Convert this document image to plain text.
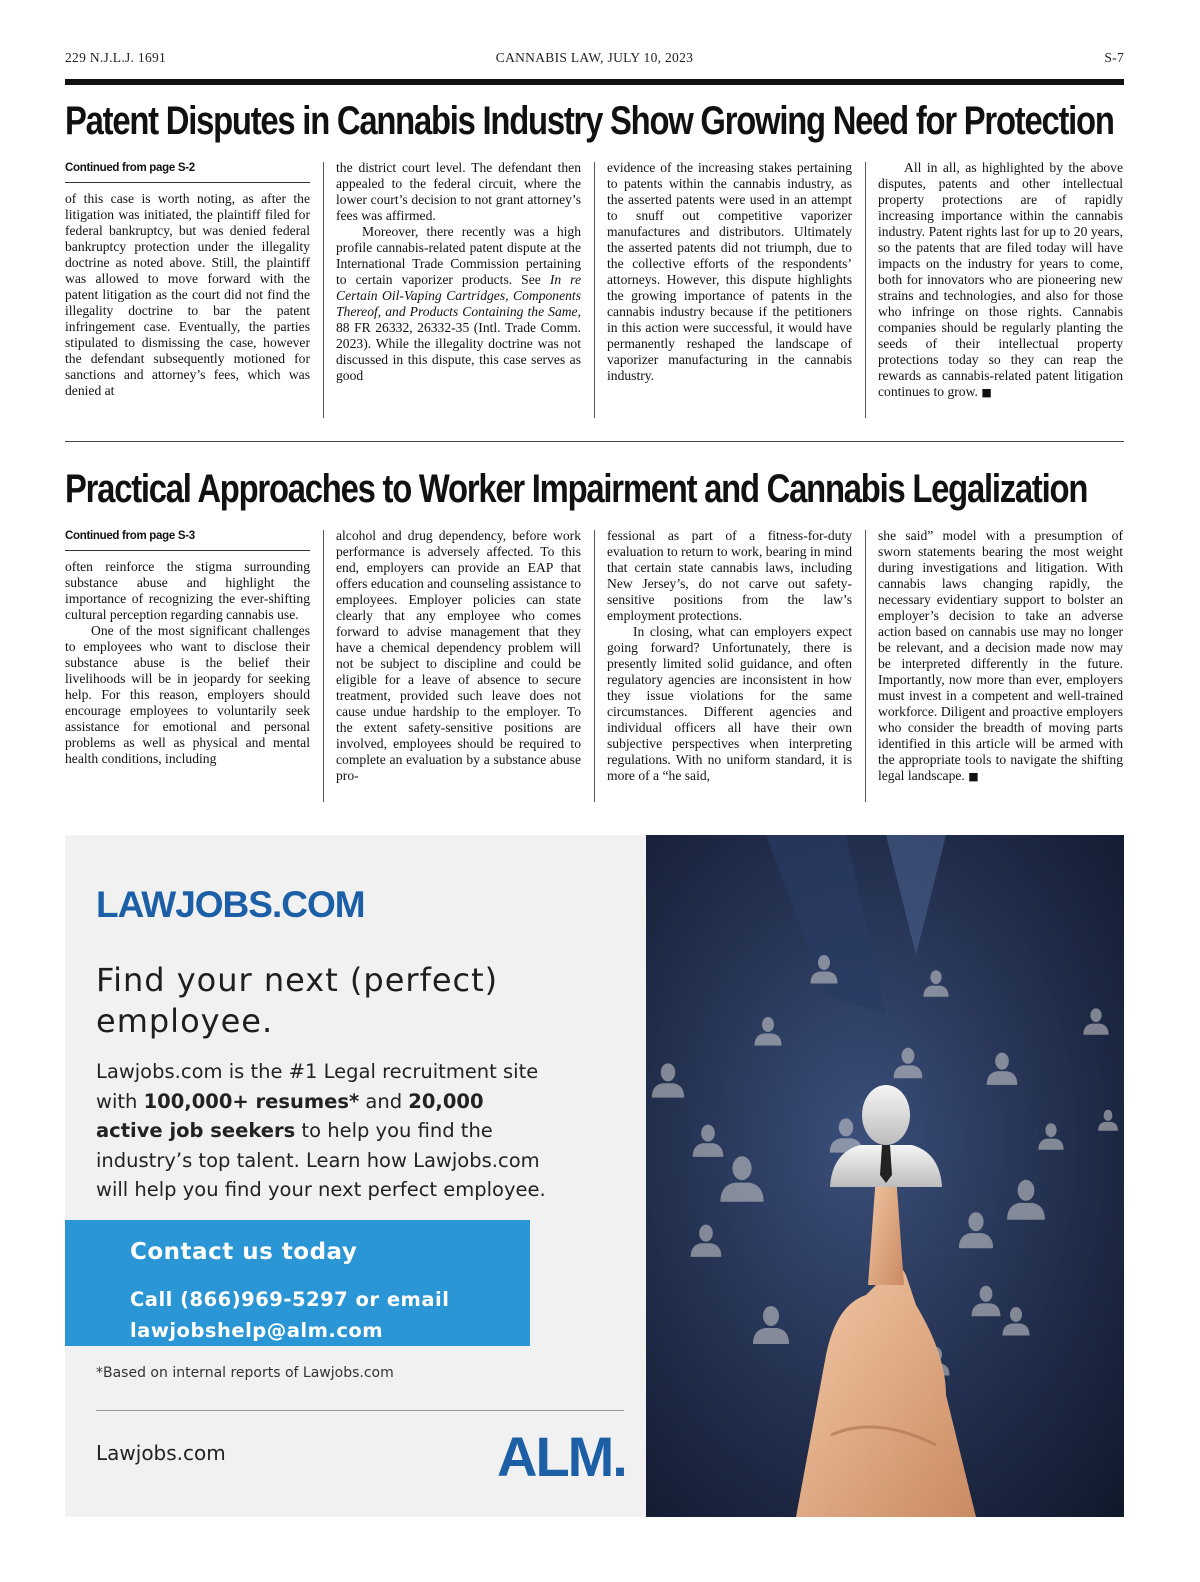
229 N.J.L.J. 1691	CANNABIS LAW, JULY 10, 2023	S-7
Patent Disputes in Cannabis Industry Show Growing Need for Protection
Continued from page S-2

of this case is worth noting, as after the litigation was initiated, the plaintiff filed for federal bankruptcy, but was denied federal bankruptcy protection under the illegality doctrine as noted above. Still, the plaintiff was allowed to move forward with the patent litigation as the court did not find the illegality doctrine to bar the patent infringement case. Eventually, the parties stipulated to dismissing the case, however the defendant subsequently motioned for sanctions and attorney’s fees, which was denied at

the district court level. The defendant then appealed to the federal circuit, where the lower court’s decision to not grant attorney’s fees was affirmed.

Moreover, there recently was a high profile cannabis-related patent dispute at the International Trade Commission pertaining to certain vaporizer products. See In re Certain Oil-Vaping Cartridges, Components Thereof, and Products Containing the Same, 88 FR 26332, 26332-35 (Intl. Trade Comm. 2023). While the illegality doctrine was not discussed in this dispute, this case serves as good

evidence of the increasing stakes pertaining to patents within the cannabis industry, as the asserted patents were used in an attempt to snuff out competitive vaporizer manufactures and distributors. Ultimately the asserted patents did not triumph, due to the collective efforts of the respondents’ attorneys. However, this dispute highlights the growing importance of patents in the cannabis industry because if the petitioners in this action were successful, it would have permanently reshaped the landscape of vaporizer manufacturing in the cannabis industry.

All in all, as highlighted by the above disputes, patents and other intellectual property protections are of rapidly increasing importance within the cannabis industry. Patent rights last for up to 20 years, so the patents that are filed today will have impacts on the industry for years to come, both for innovators who are pioneering new strains and technologies, and also for those who infringe on those rights. Cannabis companies should be regularly planting the seeds of their intellectual property protections today so they can reap the rewards as cannabis-related patent litigation continues to grow. ■

Practical Approaches to Worker Impairment and Cannabis Legalization
Continued from page S-3

often reinforce the stigma surrounding substance abuse and highlight the importance of recognizing the ever-shifting cultural perception regarding cannabis use.

One of the most significant challenges to employees who want to disclose their substance abuse is the belief their livelihoods will be in jeopardy for seeking help. For this reason, employers should encourage employees to voluntarily seek assistance for emotional and personal problems as well as physical and mental health conditions, including

alcohol and drug dependency, before work performance is adversely affected. To this end, employers can provide an EAP that offers education and counseling assistance to employees. Employer policies can state clearly that any employee who comes forward to advise management that they have a chemical dependency problem will not be subject to discipline and could be eligible for a leave of absence to secure treatment, provided such leave does not cause undue hardship to the employer. To the extent safety-sensitive positions are involved, employees should be required to complete an evaluation by a substance abuse pro-

fessional as part of a fitness-for-duty evaluation to return to work, bearing in mind that certain state cannabis laws, including New Jersey’s, do not carve out safety-sensitive positions from the law’s employment protections.

In closing, what can employers expect going forward? Unfortunately, there is presently limited solid guidance, and often regulatory agencies are inconsistent in how they issue violations for the same circumstances. Different agencies and individual officers all have their own subjective perspectives when interpreting regulations. With no uniform standard, it is more of a “he said,

she said” model with a presumption of sworn statements bearing the most weight during investigations and litigation. With cannabis laws changing rapidly, the necessary evidentiary support to bolster an employer’s decision to take an adverse action based on cannabis use may no longer be relevant, and a decision made now may be interpreted differently in the future. Importantly, now more than ever, employers must invest in a competent and well-trained workforce. Diligent and proactive employers who consider the breadth of moving parts identified in this article will be armed with the appropriate tools to navigate the shifting legal landscape. ■

LAWJOBS.COM
Find your next (perfect) employee.
Lawjobs.com is the #1 Legal recruitment site with 100,000+ resumes* and 20,000 active job seekers to help you find the industry’s top talent. Learn how Lawjobs.com will help you find your next perfect employee.
Contact us today
Call (866)969-5297 or email
lawjobshelp@alm.com
*Based on internal reports of Lawjobs.com
Lawjobs.com	ALM.
